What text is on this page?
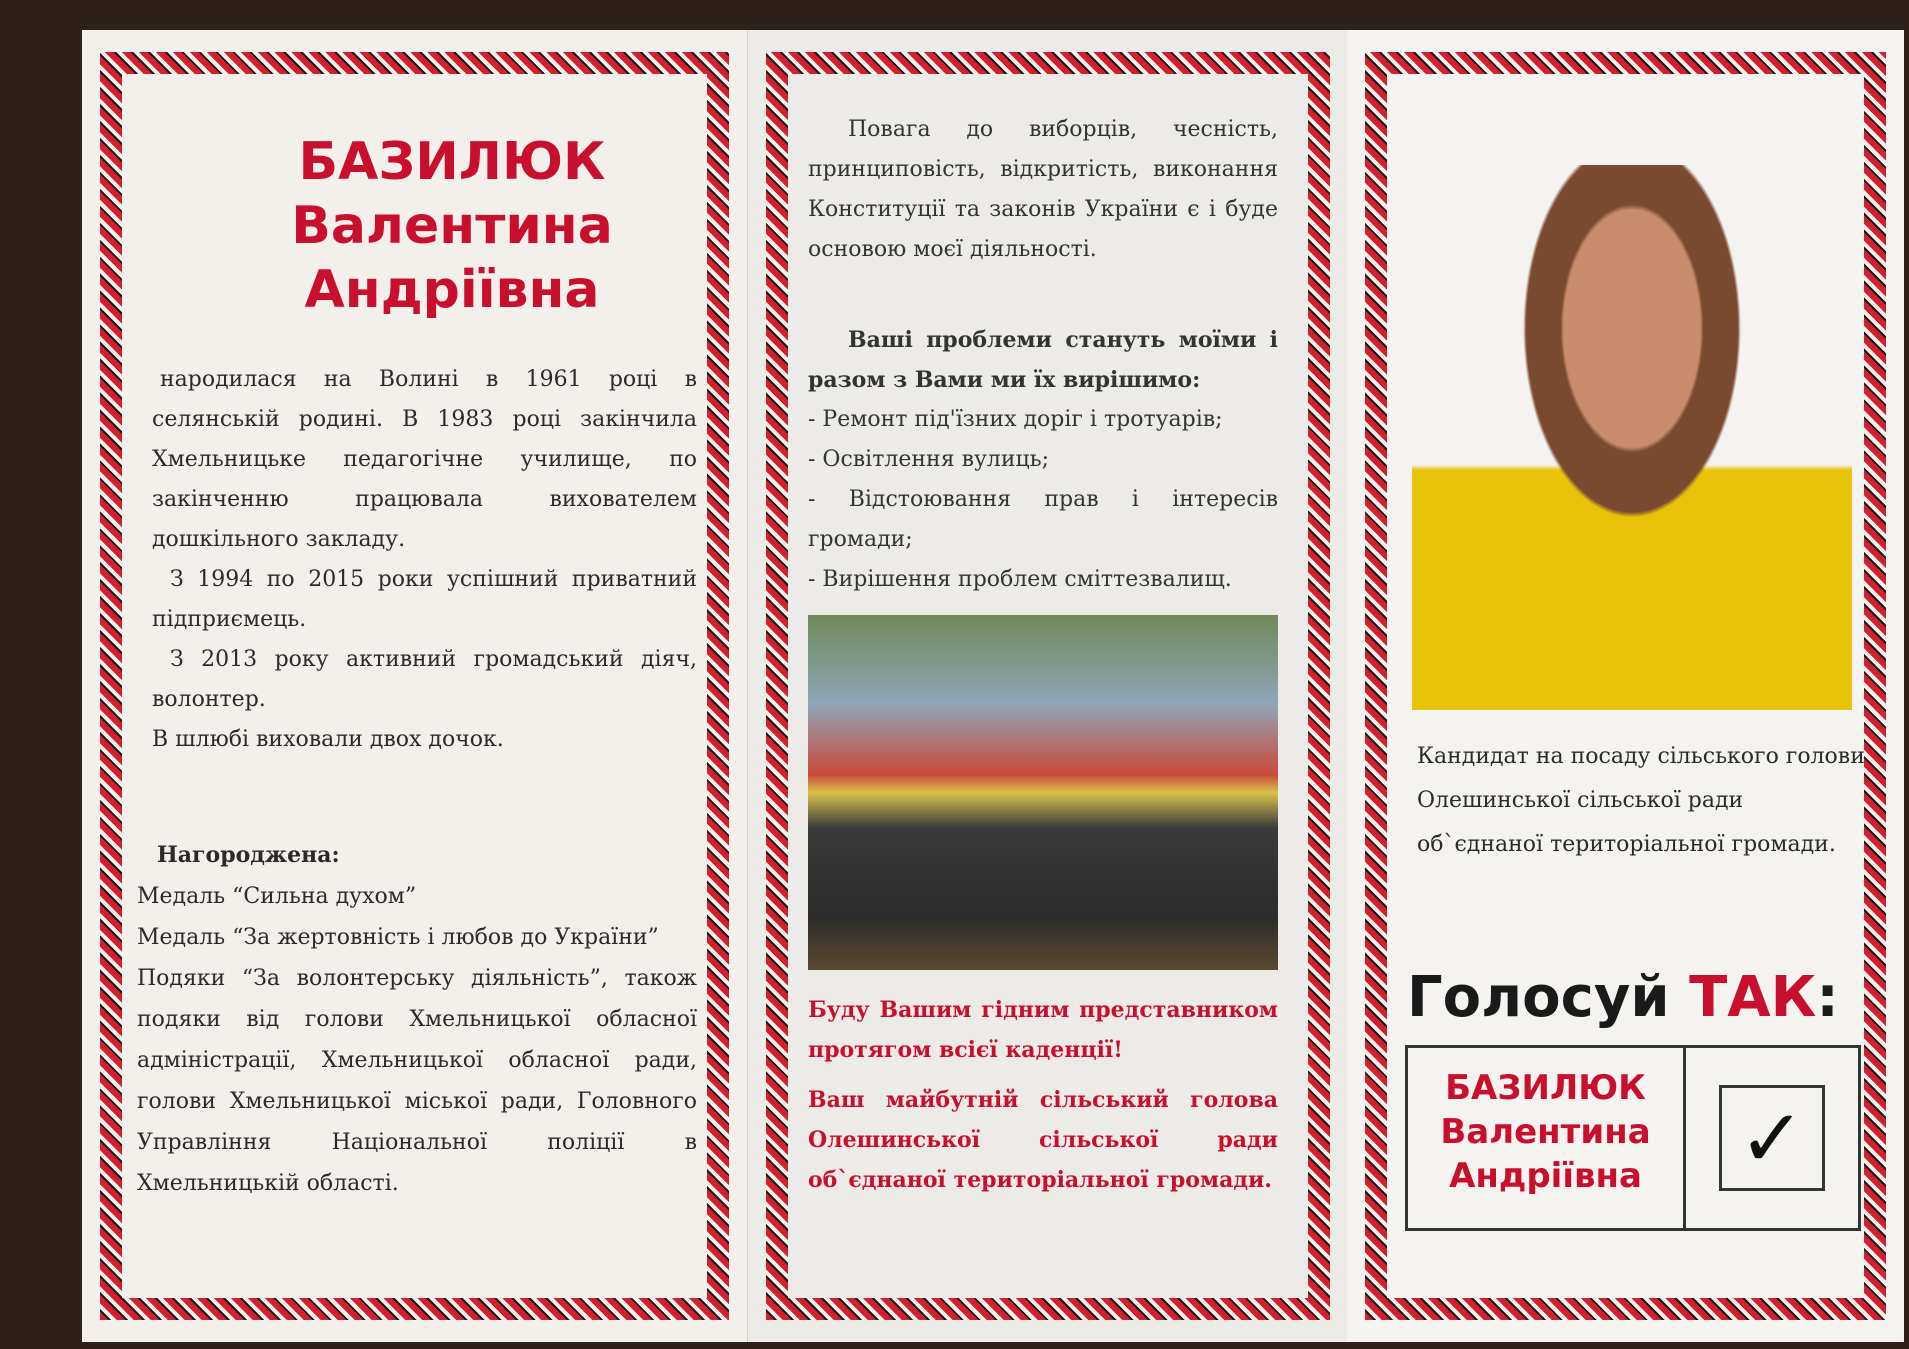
БАЗИЛЮК
Валентина
Андріївна

народилася на Волині в 1961 році в селянській родині. В 1983 році закінчила Хмельницьке педагогічне училище, по закінченню працювала вихователем дошкільного закладу.

З 1994 по 2015 роки успішний приватний підприємець.

З 2013 року активний громадський діяч, волонтер.

В шлюбі виховали двох дочок.

Нагороджена:

Медаль “Сильна духом”

Медаль “За жертовність і любов до України”

Подяки “За волонтерську діяльність”, також подяки від голови Хмельницької обласної адміністрації, Хмельницької обласної ради, голови Хмельницької міської ради, Головного Управління Національної поліції в Хмельницькій області.

Повага до виборців, чесність, принциповість, відкритість, виконання Конституції та законів України є і буде основою моєї діяльності.
Ваші проблеми стануть моїми і разом з Вами ми їх вирішимо:
- Ремонт під'їзних доріг і тротуарів;
- Освітлення вулиць;
- Відстоювання прав і інтересів громади;
- Вирішення проблем сміттезвалищ.
Буду Вашим гідним представником протягом всієї каденції!
Ваш майбутній сільський голова Олешинської сільської ради об`єднаної територіальної громади.
Кандидат на посаду сільського голови Олешинської сільської ради об`єднаної територіальної громади.
Голосуй ТАК:
БАЗИЛЮК
Валентина
Андріївна	✓
